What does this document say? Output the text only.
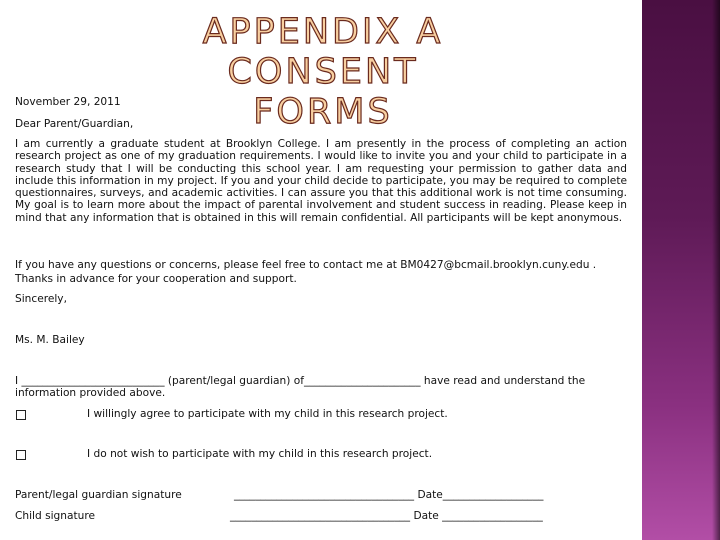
APPENDIX A
CONSENT FORMS
November 29, 2011
Dear Parent/Guardian,
I am currently a graduate student at Brooklyn College. I am presently in the process of completing an action research project as one of my graduation requirements. I would like to invite you and your child to participate in a research study that I will be conducting this school year. I am requesting your permission to gather data and include this information in my project. If you and your child decide to participate, you may be required to complete questionnaires, surveys, and academic activities. I can assure you that this additional work is not time consuming. My goal is to learn more about the impact of parental involvement and student success in reading. Please keep in mind that any information that is obtained in this will remain confidential. All participants will be kept anonymous.
If you have any questions or concerns, please feel free to contact me at BM0427@bcmail.brooklyn.cuny.edu .
Thanks in advance for your cooperation and support.
Sincerely,
Ms. M. Bailey
I ___________________________ (parent/legal guardian) of______________________ have read and understand the information provided above.
I willingly agree to participate with my child in this research project.
I do not wish to participate with my child in this research project.
Parent/legal guardian signature	__________________________________ Date___________________
Child signature	__________________________________ Date ___________________
